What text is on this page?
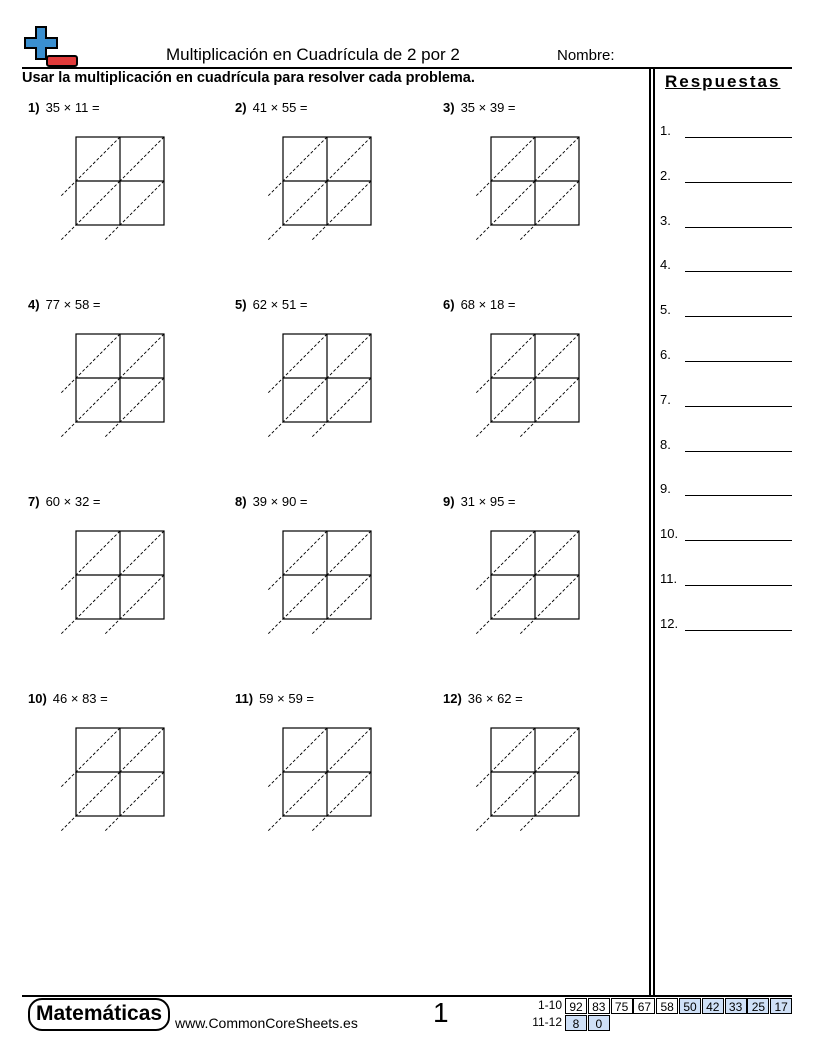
Multiplicación en Cuadrícula de 2 por 2	Nombre:
Usar la multiplicación en cuadrícula para resolver cada problema.	Respuestas
1.
2.
3.
4.
5.
6.
7.
8.
9.
10.
11.
12.
1) 35 × 11 =	2) 41 × 55 =	3) 35 × 39 =
4) 77 × 58 =	5) 62 × 51 =	6) 68 × 18 =
7) 60 × 32 =	8) 39 × 90 =	9) 31 × 95 =
10) 46 × 83 =	11) 59 × 59 =	12) 36 × 62 =
Matemáticas www.CommonCoreSheets.es	1	1-10 92 83 75 67 58 50 42 33 25 17
11-12 8	0
